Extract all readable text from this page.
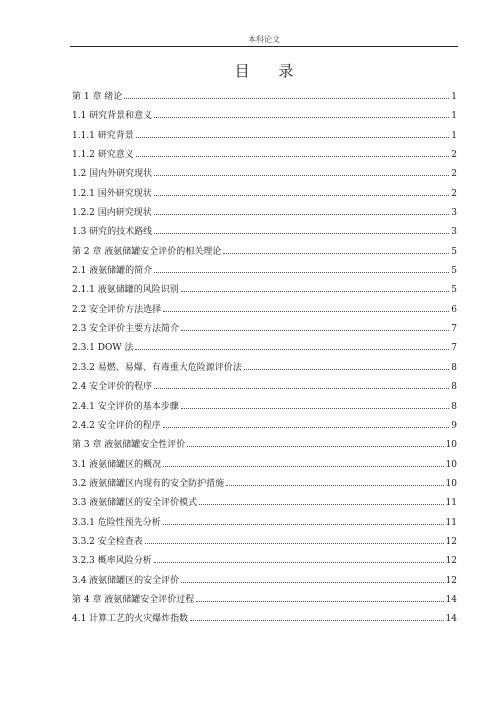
本科论文
目 录
第 1 章 绪论	1
1.1 研究背景和意义	1
1.1.1 研究背景	1
1.1.2 研究意义	2
1.2 国内外研究现状	2
1.2.1 国外研究现状	2
1.2.2 国内研究现状	3
1.3 研究的技术路线	3
第 2 章 液氨储罐安全评价的相关理论	5
2.1 液氨储罐的简介	5
2.1.1 液氨储罐的风险识别	5
2.2 安全评价方法选择	6
2.3 安全评价主要方法简介	7
2.3.1 DOW 法	7
2.3.2 易燃、易爆、有毒重大危险源评价法	8
2.4 安全评价的程序	8
2.4.1 安全评价的基本步骤	8
2.4.2 安全评价的程序	9
第 3 章 液氨储罐安全性评价	10
3.1 液氨储罐区的概况	10
3.2 液氨储罐区内现有的安全防护措施	10
3.3 液氨储罐区的安全评价模式	11
3.3.1 危险性预先分析	11
3.3.2 安全检查表	12
3.2.3 概率风险分析	12
3.4 液氨储罐区的安全评价	12
第 4 章 液氨储罐安全评价过程	14
4.1 计算工艺的火灾爆炸指数	14
